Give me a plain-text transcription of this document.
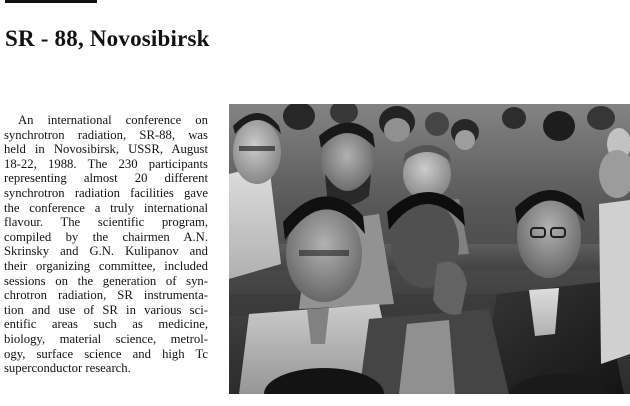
SR - 88, Novosibirsk
An international conference on
synchrotron radiation, SR-88, was
held in Novosibirsk, USSR, August
18-22, 1988. The 230 participants
representing almost 20 different
synchrotron radiation facilities gave
the conference a truly international
flavour. The scientific program,
compiled by the chairmen A.N.
Skrinsky and G.N. Kulipanov and
their organizing committee, included
sessions on the generation of syn-
chrotron radiation, SR instrumenta-
tion and use of SR in various sci-
entific areas such as medicine,
biology, material science, metrol-
ogy, surface science and high Tc
superconductor research.
